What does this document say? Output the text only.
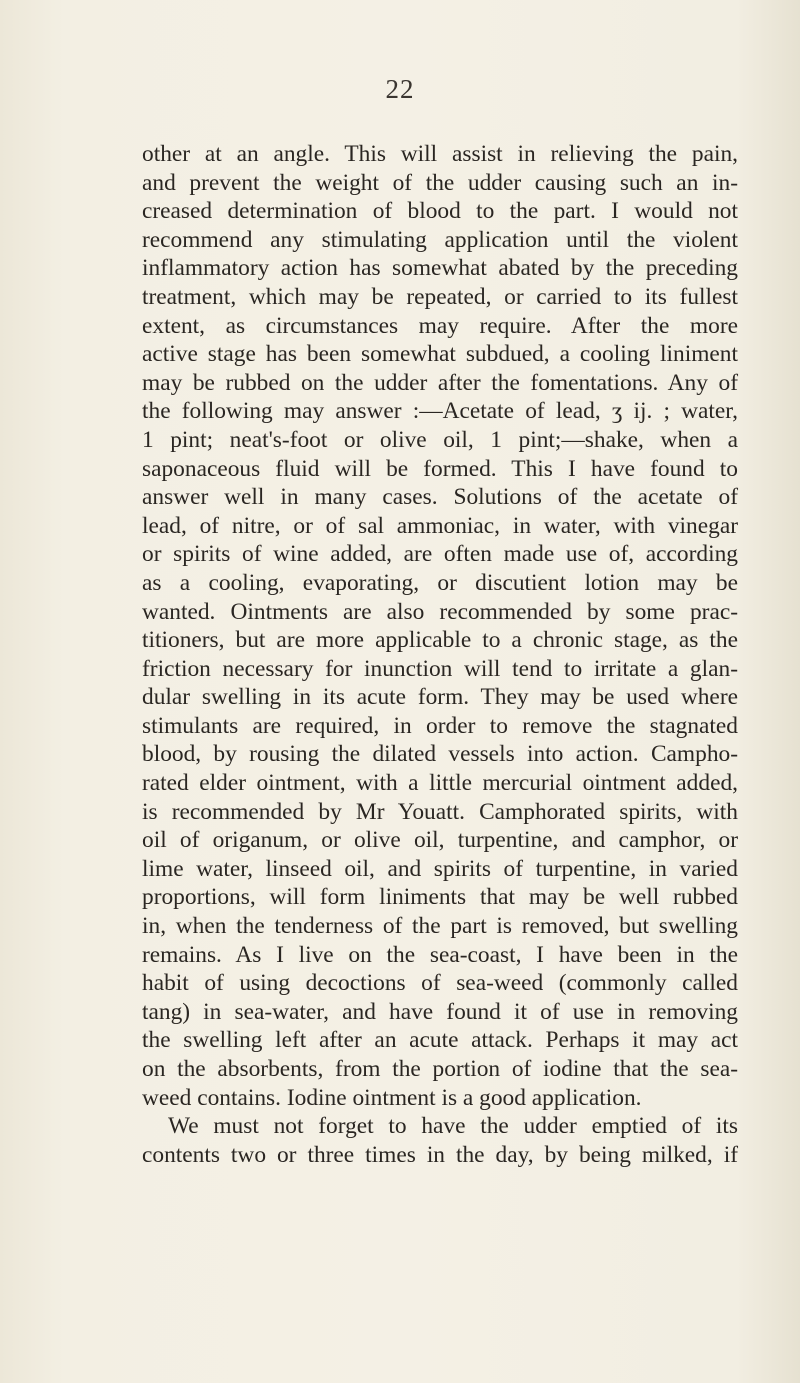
22
other at an angle. This will assist in relieving the pain,
and prevent the weight of the udder causing such an in-
creased determination of blood to the part. I would not
recommend any stimulating application until the violent
inflammatory action has somewhat abated by the preceding
treatment, which may be repeated, or carried to its fullest
extent, as circumstances may require. After the more
active stage has been somewhat subdued, a cooling liniment
may be rubbed on the udder after the fomentations. Any of
the following may answer :—Acetate of lead, ʒ ij. ; water,
1 pint; neat's-foot or olive oil, 1 pint;—shake, when a
saponaceous fluid will be formed. This I have found to
answer well in many cases. Solutions of the acetate of
lead, of nitre, or of sal ammoniac, in water, with vinegar
or spirits of wine added, are often made use of, according
as a cooling, evaporating, or discutient lotion may be
wanted. Ointments are also recommended by some prac-
titioners, but are more applicable to a chronic stage, as the
friction necessary for inunction will tend to irritate a glan-
dular swelling in its acute form. They may be used where
stimulants are required, in order to remove the stagnated
blood, by rousing the dilated vessels into action. Campho-
rated elder ointment, with a little mercurial ointment added,
is recommended by Mr Youatt. Camphorated spirits, with
oil of origanum, or olive oil, turpentine, and camphor, or
lime water, linseed oil, and spirits of turpentine, in varied
proportions, will form liniments that may be well rubbed
in, when the tenderness of the part is removed, but swelling
remains. As I live on the sea-coast, I have been in the
habit of using decoctions of sea-weed (commonly called
tang) in sea-water, and have found it of use in removing
the swelling left after an acute attack. Perhaps it may act
on the absorbents, from the portion of iodine that the sea-
weed contains. Iodine ointment is a good application.
We must not forget to have the udder emptied of its
contents two or three times in the day, by being milked, if
